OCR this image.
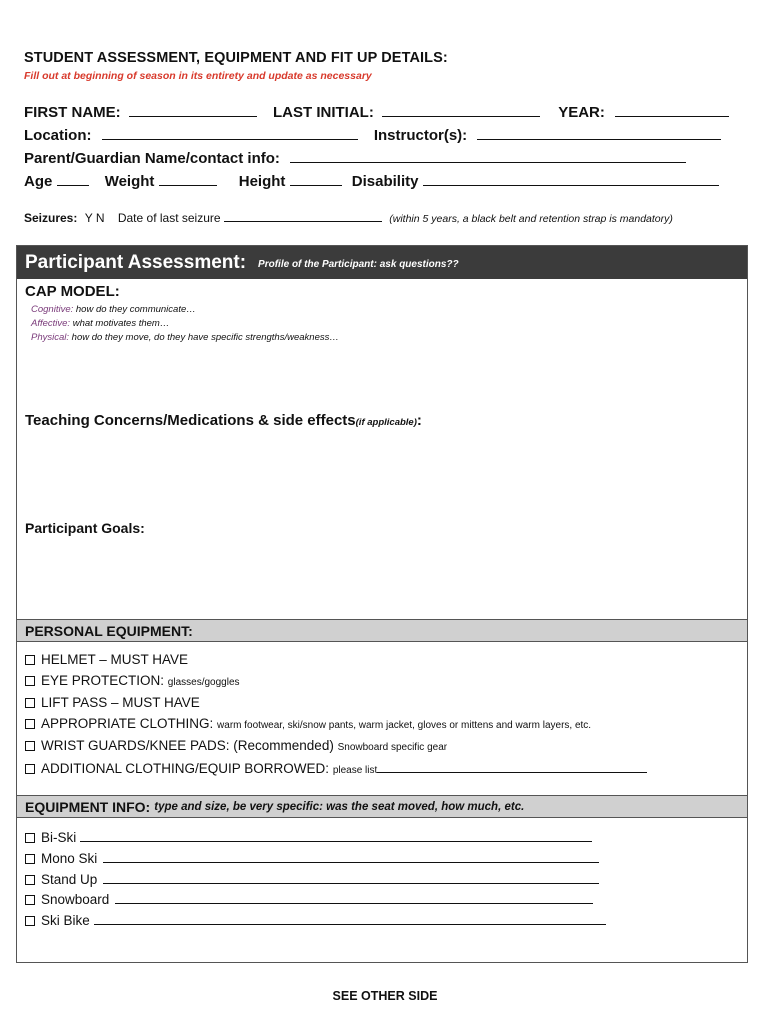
STUDENT ASSESSMENT, EQUIPMENT AND FIT UP DETAILS:
Fill out at beginning of season in its entirety and update as necessary
FIRST NAME:	LAST INITIAL:	YEAR:
Location:	Instructor(s):
Parent/Guardian Name/contact info:
Age	Weight	Height	Disability
Seizures: Y N Date of last seizure	(within 5 years, a black belt and retention strap is mandatory)
Participant Assessment: Profile of the Participant: ask questions??
CAP MODEL:
Cognitive: how do they communicate…
Affective: what motivates them…
Physical: how do they move, do they have specific strengths/weakness…
Teaching Concerns/Medications & side effects(if applicable):
Participant Goals:
PERSONAL EQUIPMENT:
HELMET – MUST HAVE
EYE PROTECTION: glasses/goggles
LIFT PASS – MUST HAVE
APPROPRIATE CLOTHING: warm footwear, ski/snow pants, warm jacket, gloves or mittens and warm layers, etc.
WRIST GUARDS/KNEE PADS: (Recommended) Snowboard specific gear
ADDITIONAL CLOTHING/EQUIP BORROWED: please list
EQUIPMENT INFO: type and size, be very specific: was the seat moved, how much, etc.
Bi-Ski
Mono Ski
Stand Up
Snowboard
Ski Bike
SEE OTHER SIDE
